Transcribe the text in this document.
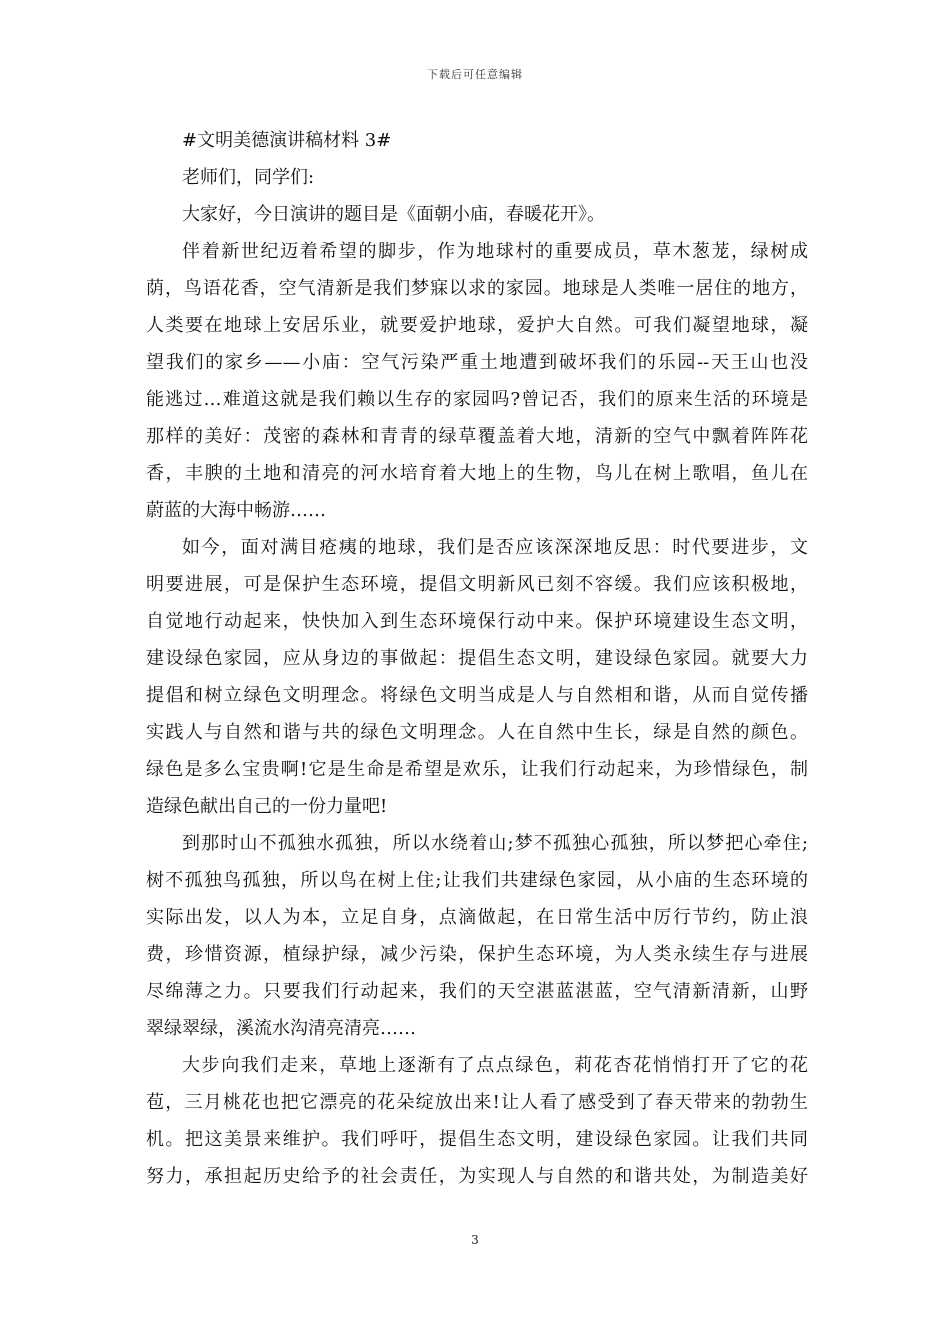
下载后可任意编辑
#文明美德演讲稿材料 3#
老师们，同学们:
大家好，今日演讲的题目是《面朝小庙，春暖花开》。
伴着新世纪迈着希望的脚步，作为地球村的重要成员，草木葱茏，绿树成
荫，鸟语花香，空气清新是我们梦寐以求的家园。地球是人类唯一居住的地方，
人类要在地球上安居乐业，就要爱护地球，爱护大自然。可我们凝望地球，凝
望我们的家乡——小庙：空气污染严重土地遭到破坏我们的乐园--天王山也没
能逃过…难道这就是我们赖以生存的家园吗?曾记否，我们的原来生活的环境是
那样的美好：茂密的森林和青青的绿草覆盖着大地，清新的空气中飘着阵阵花
香，丰腴的土地和清亮的河水培育着大地上的生物，鸟儿在树上歌唱，鱼儿在
蔚蓝的大海中畅游……
如今，面对满目疮痍的地球，我们是否应该深深地反思：时代要进步，文
明要进展，可是保护生态环境，提倡文明新风已刻不容缓。我们应该积极地，
自觉地行动起来，快快加入到生态环境保行动中来。保护环境建设生态文明，
建设绿色家园，应从身边的事做起：提倡生态文明，建设绿色家园。就要大力
提倡和树立绿色文明理念。将绿色文明当成是人与自然相和谐，从而自觉传播
实践人与自然和谐与共的绿色文明理念。人在自然中生长，绿是自然的颜色。
绿色是多么宝贵啊!它是生命是希望是欢乐，让我们行动起来，为珍惜绿色，制
造绿色献出自己的一份力量吧!
到那时山不孤独水孤独，所以水绕着山;梦不孤独心孤独，所以梦把心牵住;
树不孤独鸟孤独，所以鸟在树上住;让我们共建绿色家园，从小庙的生态环境的
实际出发，以人为本，立足自身，点滴做起，在日常生活中厉行节约，防止浪
费，珍惜资源，植绿护绿，减少污染，保护生态环境，为人类永续生存与进展
尽绵薄之力。只要我们行动起来，我们的天空湛蓝湛蓝，空气清新清新，山野
翠绿翠绿，溪流水沟清亮清亮……
大步向我们走来，草地上逐渐有了点点绿色，莉花杏花悄悄打开了它的花
苞，三月桃花也把它漂亮的花朵绽放出来!让人看了感受到了春天带来的勃勃生
机。把这美景来维护。我们呼吁，提倡生态文明，建设绿色家园。让我们共同
努力，承担起历史给予的社会责任，为实现人与自然的和谐共处，为制造美好
3
